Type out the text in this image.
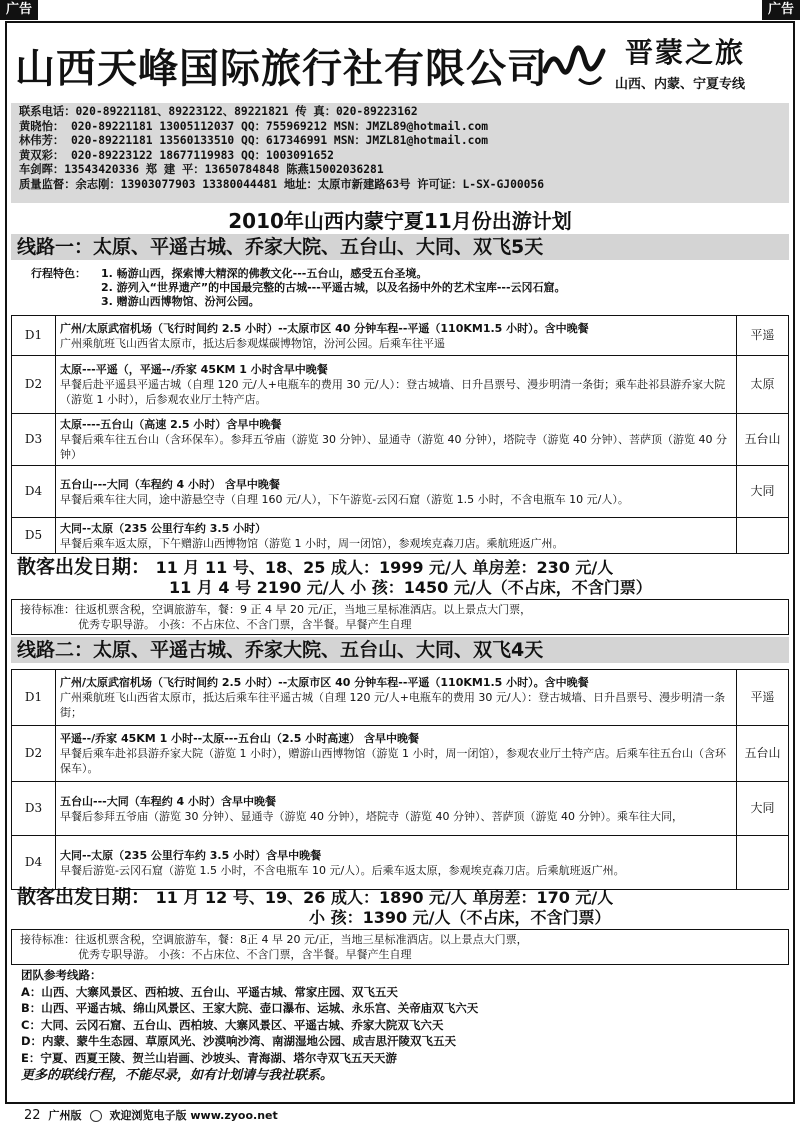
广告	广告
山西天峰国际旅行社有限公司	晋蒙之旅
山西、内蒙、宁夏专线
联系电话：020-89221181、89223122、89221821 传 真：020-89223162
黄晓怡： 020-89221181 13005112037 QQ：755969212 MSN：JMZL89@hotmail.com
林伟芳： 020-89221181 13560133510 QQ：617346991 MSN：JMZL81@hotmail.com
黄双彩： 020-89223122 18677119983 QQ：1003091652
车剑晖：13543420336 郑 建 平：13650784848 陈燕15002036281
质量监督：余志刚：13903077903 13380044481 地址：太原市新建路63号 许可证：L-SX-GJ00056
2010年山西内蒙宁夏11月份出游计划
线路一：太原、平遥古城、乔家大院、五台山、大同、双飞5天
行程特色：	1. 畅游山西，探索博大精深的佛教文化---五台山，感受五台圣境。
2. 游列入“世界遗产”的中国最完整的古城---平遥古城，以及名扬中外的艺术宝库---云冈石窟。
3. 赠游山西博物馆、汾河公园。
D1	广州/太原武宿机场（飞行时间约 2.5 小时）--太原市区 40 分钟车程--平遥（110KM1.5 小时）。含中晚餐
广州乘航班飞山西省太原市，抵达后参观煤碳博物馆，汾河公园。后乘车往平遥	平遥
D2	太原---平遥（，平遥--/乔家 45KM 1 小时含早中晚餐
早餐后赴平遥县平遥古城（自理 120 元/人+电瓶车的费用 30 元/人）：登古城墙、日升昌票号、漫步明清一条街；乘车赴祁县游乔家大院（游览 1 小时），后参观农业厅土特产店。	太原
D3	太原----五台山（高速 2.5 小时）含早中晚餐
早餐后乘车往五台山（含环保车）。参拜五爷庙（游览 30 分钟）、显通寺（游览 40 分钟），塔院寺（游览 40 分钟）、菩萨顶（游览 40 分钟）	五台山
D4	五台山---大同（车程约 4 小时） 含早中晚餐
早餐后乘车往大同，途中游悬空寺（自理 160 元/人），下午游览-云冈石窟（游览 1.5 小时，不含电瓶车 10 元/人）。	大同
D5	大同--太原（235 公里行车约 3.5 小时）
早餐后乘车返太原，下午赠游山西博物馆（游览 1 小时，周一闭馆），参观埃克森刀店。乘航班返广州。	

散客出发日期： 11 月 11 号、18、25 成人：1999 元/人 单房差：230 元/人
11 月 4 号 2190 元/人 小 孩：1450 元/人（不占床，不含门票）
接待标准：往返机票含税，空调旅游车，餐：9 正 4 早 20 元/正，当地三星标准酒店。以上景点大门票，
优秀专职导游。 小孩：不占床位、不含门票，含半餐。早餐产生自理
线路二：太原、平遥古城、乔家大院、五台山、大同、双飞4天
D1	广州/太原武宿机场（飞行时间约 2.5 小时）--太原市区 40 分钟车程--平遥（110KM1.5 小时）。含中晚餐
广州乘航班飞山西省太原市，抵达后乘车往平遥古城（自理 120 元/人+电瓶车的费用 30 元/人）：登古城墙、日升昌票号、漫步明清一条街；	平遥
D2	平遥--/乔家 45KM 1 小时--太原---五台山（2.5 小时高速） 含早中晚餐
早餐后乘车赴祁县游乔家大院（游览 1 小时），赠游山西博物馆（游览 1 小时，周一闭馆），参观农业厅土特产店。后乘车往五台山（含环保车）。	五台山
D3	五台山---大同（车程约 4 小时）含早中晚餐
早餐后参拜五爷庙（游览 30 分钟）、显通寺（游览 40 分钟），塔院寺（游览 40 分钟）、菩萨顶（游览 40 分钟）。乘车往大同，	大同
D4	大同--太原（235 公里行车约 3.5 小时）含早中晚餐
早餐后游览-云冈石窟（游览 1.5 小时，不含电瓶车 10 元/人）。后乘车返太原，参观埃克森刀店。后乘航班返广州。	

散客出发日期： 11 月 12 号、19、26 成人：1890 元/人 单房差：170 元/人
小 孩：1390 元/人（不占床，不含门票）
接待标准：往返机票含税，空调旅游车，餐：8正 4 早 20 元/正，当地三星标准酒店。以上景点大门票，
优秀专职导游。 小孩：不占床位、不含门票，含半餐。早餐产生自理
团队参考线路：
A：山西、大寨风景区、西柏坡、五台山、平遥古城、常家庄园、双飞五天
B：山西、平遥古城、绵山风景区、王家大院、壶口瀑布、运城、永乐宫、关帝庙双飞六天
C：大同、云冈石窟、五台山、西柏坡、大寨风景区、平遥古城、乔家大院双飞六天
D：内蒙、蒙牛生态园、草原风光、沙漠响沙湾、南湖湿地公园、成吉思汗陵双飞五天
E：宁夏、西夏王陵、贺兰山岩画、沙坡头、青海湖、塔尔寺双飞五天天游
更多的联线行程，不能尽录，如有计划请与我社联系。
22 广州版	欢迎浏览电子版 www.zyoo.net
